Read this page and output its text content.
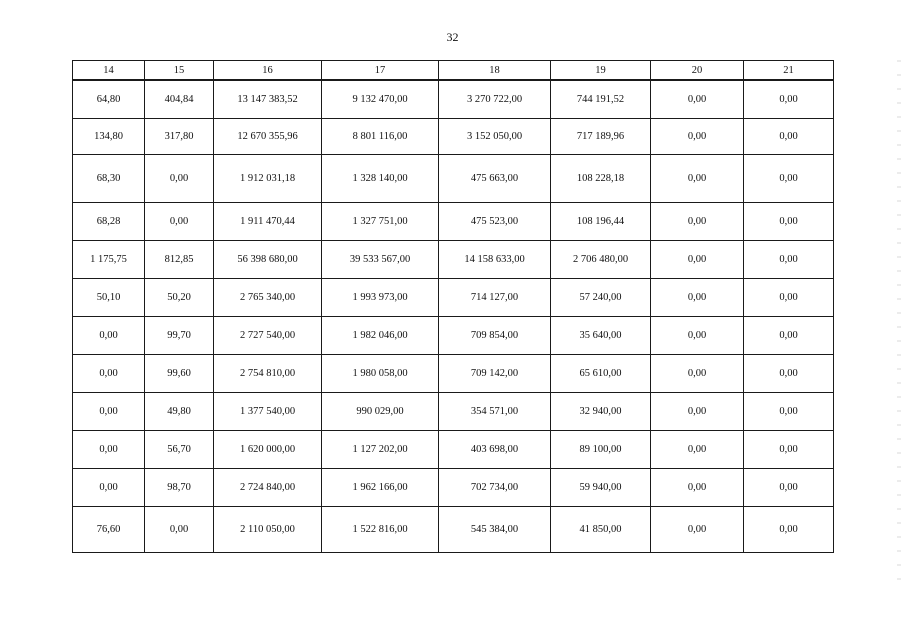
32
14	15	16	17	18	19	20	21
64,80	404,84	13 147 383,52	9 132 470,00	3 270 722,00	744 191,52	0,00	0,00
134,80	317,80	12 670 355,96	8 801 116,00	3 152 050,00	717 189,96	0,00	0,00
68,30	0,00	1 912 031,18	1 328 140,00	475 663,00	108 228,18	0,00	0,00
68,28	0,00	1 911 470,44	1 327 751,00	475 523,00	108 196,44	0,00	0,00
1 175,75	812,85	56 398 680,00	39 533 567,00	14 158 633,00	2 706 480,00	0,00	0,00
50,10	50,20	2 765 340,00	1 993 973,00	714 127,00	57 240,00	0,00	0,00
0,00	99,70	2 727 540,00	1 982 046,00	709 854,00	35 640,00	0,00	0,00
0,00	99,60	2 754 810,00	1 980 058,00	709 142,00	65 610,00	0,00	0,00
0,00	49,80	1 377 540,00	990 029,00	354 571,00	32 940,00	0,00	0,00
0,00	56,70	1 620 000,00	1 127 202,00	403 698,00	89 100,00	0,00	0,00
0,00	98,70	2 724 840,00	1 962 166,00	702 734,00	59 940,00	0,00	0,00
76,60	0,00	2 110 050,00	1 522 816,00	545 384,00	41 850,00	0,00	0,00
